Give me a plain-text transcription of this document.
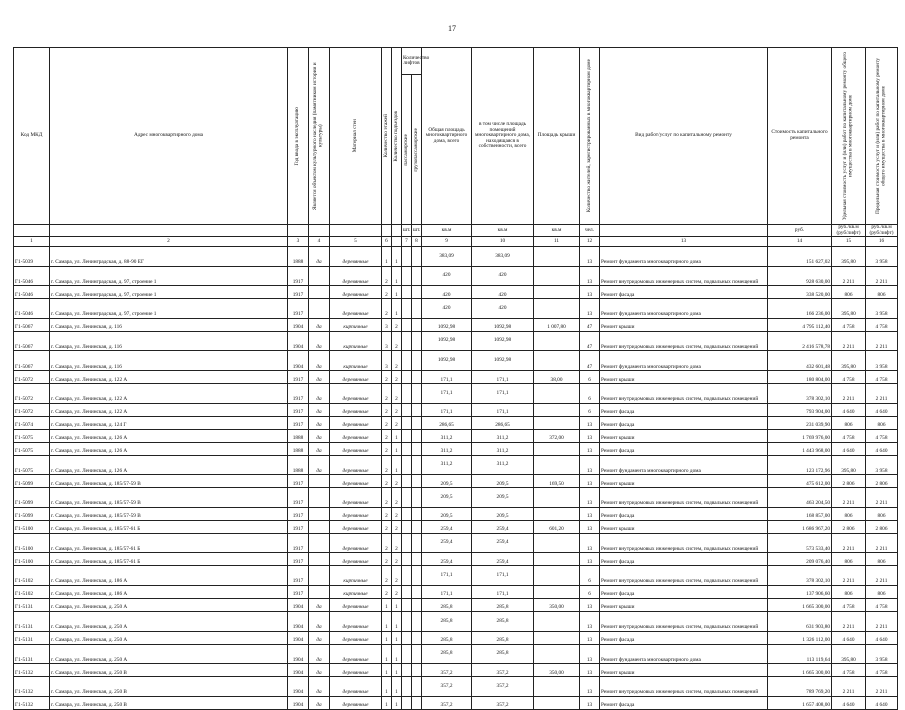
17
Код МКД	Адрес многоквартирного дома	Год ввода в эксплуатацию	Является объектом культурного наследия (памятником истории и культуры)	Материал стен	Количество этажей	Количество подъездов	Количество лифтов		Общая площадь многоквартирного дома, всего	в том числе площадь помещений многоквартирного дома, находящаяся в собственности, всего	Площадь крыши	Количество жителей, зарегистрированных в многоквартирном доме	Вид работ/услуг по капитальному ремонту	Стоимость капитального ремонта	Удельная стоимость услуг и (или) работ по капитальному ремонту общего имущества в многоквартирном доме	Предельная стоимость услуг и (или) работ по капитальному ремонту общего имущества в многоквартирном доме

							пассажирские	грузопассажирские								

							шт.	шт.	кв.м	кв.м	кв.м	чел.		руб.	руб./кв.м (руб/лифт)	руб./кв.м (руб/лифт)
1	2	3	4	5	6		7	8	9	10	11	12	13	14	15	16
Г1-5039	г. Самара, ул. Ленинградская, д. 88-90 ЕГ	1888	да	деревянные	1	1			383,09	383,09		13	Ремонт фундамента многоквартирного дома	151 627,02	395,80	3 958
Г1-5046	г. Самара, ул. Ленинградская, д. 97, строение 1	1917		деревянные	2	1			420	420		13	Ремонт внутридомовых инженерных систем, подвальных помещений	928 630,00	2 211	2 211
Г1-5046	г. Самара, ул. Ленинградская, д. 97, строение 1	1917		деревянные	2	1			420	420		13	Ремонт фасада	338 520,00	806	806
Г1-5046	г. Самара, ул. Ленинградская, д. 97, строение 1	1917		деревянные	2	1			420	420		13	Ремонт фундамента многоквартирного дома	166 236,00	395,80	3 958
Г1-5067	г. Самара, ул. Ленинская, д. 116	1904	да	кирпичные	3	2			1092,98	1092,98	1 007,80	47	Ремонт крыши	4 795 112,40	4 758	4 758
Г1-5067	г. Самара, ул. Ленинская, д. 116	1904	да	кирпичные	3	2			1092,98	1092,98		47	Ремонт внутридомовых инженерных систем, подвальных помещений	2 416 578,78	2 211	2 211
Г1-5067	г. Самара, ул. Ленинская, д. 116	1904	да	кирпичные	3	2			1092,98	1092,98		47	Ремонт фундамента многоквартирного дома	432 601,48	395,80	3 958
Г1-5072	г. Самара, ул. Ленинская, д. 122 А	1917	да	деревянные	2	2			171,1	171,1	38,00	6	Ремонт крыши	180 804,00	4 758	4 758
Г1-5072	г. Самара, ул. Ленинская, д. 122 А	1917	да	деревянные	2	2			171,1	171,1		6	Ремонт внутридомовых инженерных систем, подвальных помещений	378 302,10	2 211	2 211
Г1-5072	г. Самара, ул. Ленинская, д. 122 А	1917	да	деревянные	2	2			171,1	171,1		6	Ремонт фасада	793 904,00	4 640	4 640
Г1-5074	г. Самара, ул. Ленинская, д. 124 Г	1917	да	деревянные	2	2			286,65	286,65		13	Ремонт фасада	231 039,90	806	806
Г1-5075	г. Самара, ул. Ленинская, д. 126 А	1888	да	деревянные	2	1			311,2	311,2	372,00	13	Ремонт крыши	1 769 976,00	4 758	4 758
Г1-5075	г. Самара, ул. Ленинская, д. 126 А	1888	да	деревянные	2	1			311,2	311,2		13	Ремонт фасада	1 443 968,00	4 640	4 640
Г1-5075	г. Самара, ул. Ленинская, д. 126 А	1888	да	деревянные	2	1			311,2	311,2		13	Ремонт фундамента многоквартирного дома	123 172,96	395,80	3 958
Г1-5099	г. Самара, ул. Ленинская, д. 185/57-59 В	1917		деревянные	2	2			209,5	209,5	169,50	13	Ремонт крыши	475 612,00	2 806	2 806
Г1-5099	г. Самара, ул. Ленинская, д. 185/57-59 В	1917		деревянные	2	2			209,5	209,5		13	Ремонт внутридомовых инженерных систем, подвальных помещений	463 204,50	2 211	2 211
Г1-5099	г. Самара, ул. Ленинская, д. 185/57-59 В	1917		деревянные	2	2			209,5	209,5		13	Ремонт фасада	168 857,00	806	806
Г1-5100	г. Самара, ул. Ленинская, д. 185/57-61 Б	1917		деревянные	2	2			259,4	259,4	601,20	13	Ремонт крыши	1 686 967,20	2 806	2 806
Г1-5100	г. Самара, ул. Ленинская, д. 185/57-61 Б	1917		деревянные	2	2			259,4	259,4		13	Ремонт внутридомовых инженерных систем, подвальных помещений	573 533,40	2 211	2 211
Г1-5100	г. Самара, ул. Ленинская, д. 185/57-61 Б	1917		деревянные	2	2			259,4	259,4		13	Ремонт фасада	209 076,40	806	806
Г1-5102	г. Самара, ул. Ленинская, д. 186 А	1917		кирпичные	2	2			171,1	171,1		6	Ремонт внутридомовых инженерных систем, подвальных помещений	378 302,10	2 211	2 211
Г1-5102	г. Самара, ул. Ленинская, д. 186 А	1917		кирпичные	2	2			171,1	171,1		6	Ремонт фасада	137 906,60	806	806
Г1-5131	г. Самара, ул. Ленинская, д. 250 А	1904	да	деревянные	1	1			285,8	285,8	350,00	13	Ремонт крыши	1 665 300,00	4 758	4 758
Г1-5131	г. Самара, ул. Ленинская, д. 250 А	1904	да	деревянные	1	1			285,8	285,8		13	Ремонт внутридомовых инженерных систем, подвальных помещений	631 903,80	2 211	2 211
Г1-5131	г. Самара, ул. Ленинская, д. 250 А	1904	да	деревянные	1	1			285,8	285,8		13	Ремонт фасада	1 326 112,00	4 640	4 640
Г1-5131	г. Самара, ул. Ленинская, д. 250 А	1904	да	деревянные	1	1			285,8	285,8		13	Ремонт фундамента многоквартирного дома	113 119,64	395,80	3 958
Г1-5132	г. Самара, ул. Ленинская, д. 250 В	1904	да	деревянные	1	1			357,2	357,2	350,00	13	Ремонт крыши	1 665 300,00	4 758	4 758
Г1-5132	г. Самара, ул. Ленинская, д. 250 В	1904	да	деревянные	1	1			357,2	357,2		13	Ремонт внутридомовых инженерных систем, подвальных помещений	789 769,20	2 211	2 211
Г1-5132	г. Самара, ул. Ленинская, д. 250 В	1904	да	деревянные	1	1			357,2	357,2		13	Ремонт фасада	1 657 408,00	4 640	4 640
